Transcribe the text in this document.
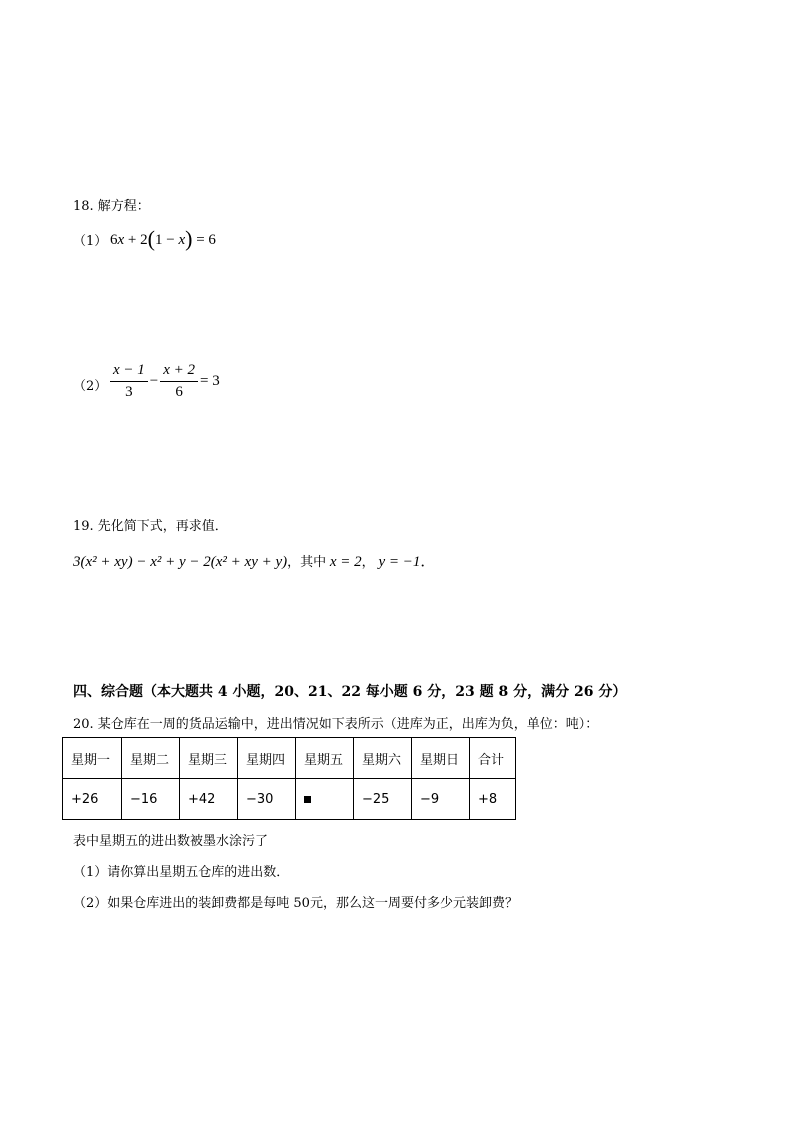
18. 解方程：
（1） 6x + 2(1 − x) = 6
$(2) \frac{x - 1}{3} - \frac{x + 2}{6} = 3$
19. 先化简下式，再求值．
3(x² + xy) − x² + y − 2(x² + xy + y)，其中 x = 2， y = −1．
四、综合题（本大题共 4 小题，20、21、22 每小题 6 分，23 题 8 分，满分 26 分）
20. 某仓库在一周的货品运输中，进出情况如下表所示（进库为正，出库为负，单位：吨）：
星期一	星期二	星期三	星期四	星期五	星期六	星期日	合计
+26	−16	+42	−30		−25	−9	+8
表中星期五的进出数被墨水涂污了
（1）请你算出星期五仓库的进出数．
（2）如果仓库进出的装卸费都是每吨 50元，那么这一周要付多少元装卸费？
